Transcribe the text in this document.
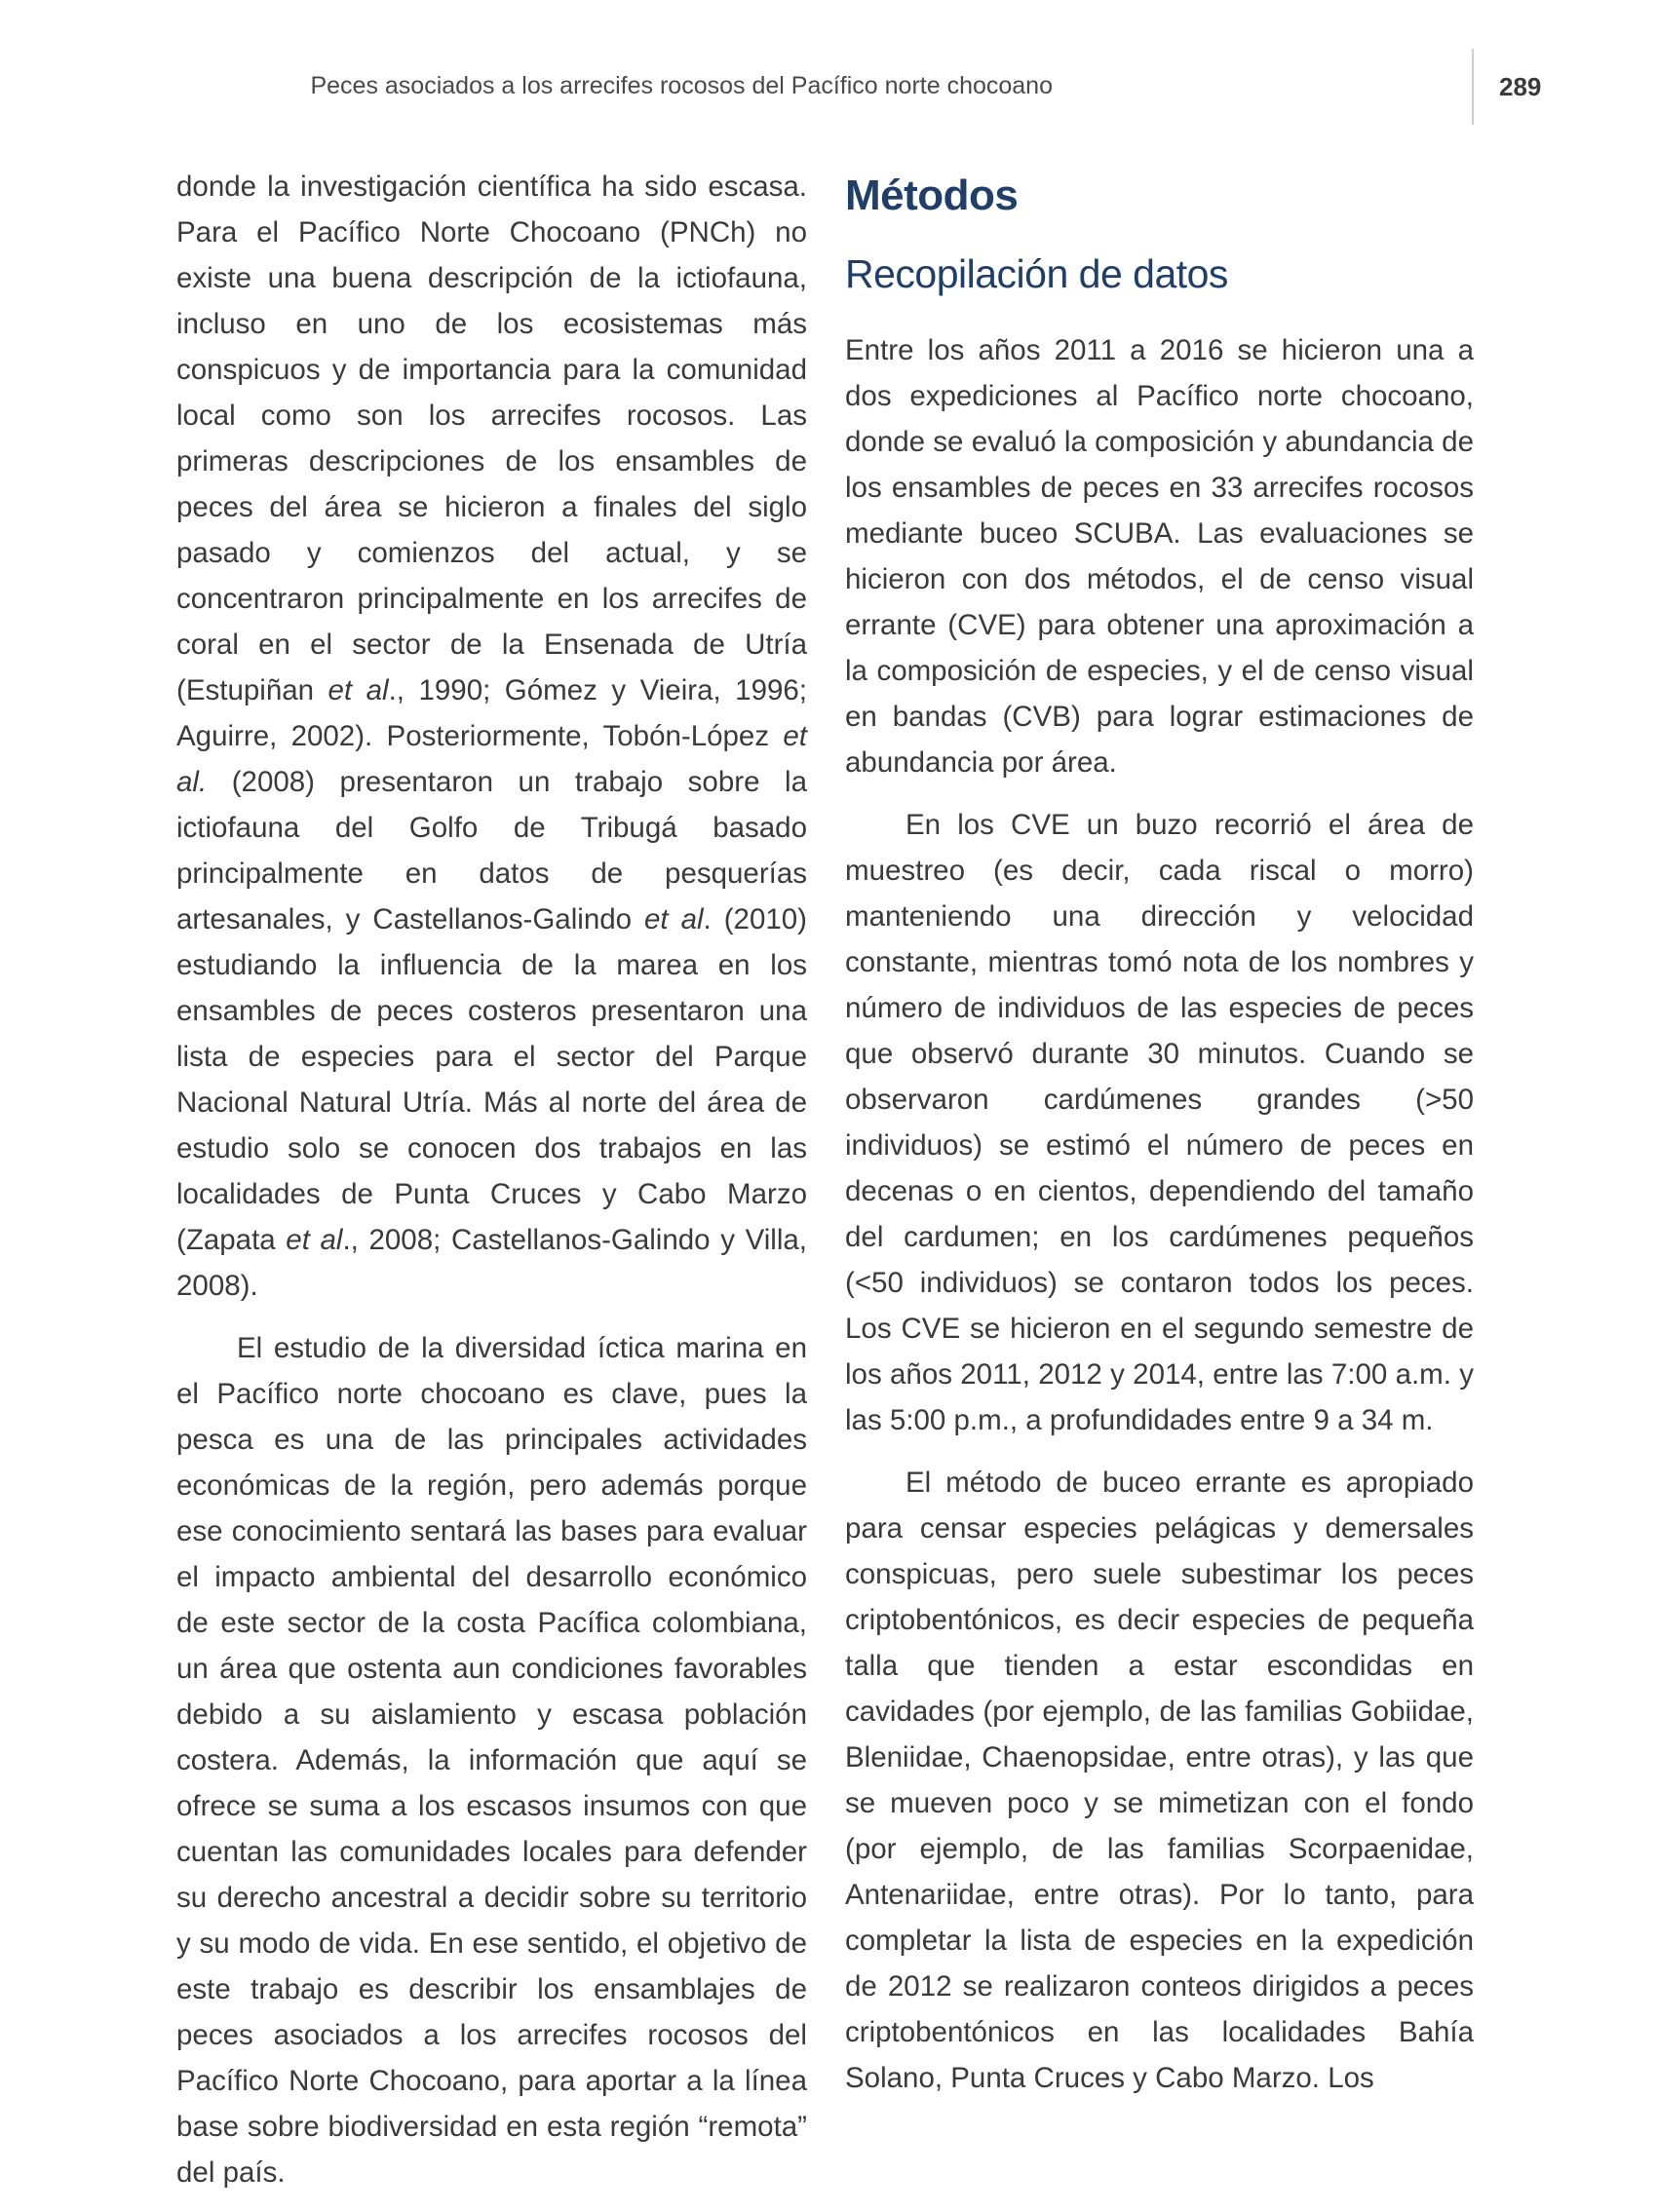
Peces asociados a los arrecifes rocosos del Pacífico norte chocoano	289

donde la investigación científica ha sido escasa. Para el Pacífico Norte Chocoano (PNCh) no existe una buena descripción de la ictiofauna, incluso en uno de los ecosistemas más conspicuos y de importancia para la comunidad local como son los arrecifes rocosos. Las primeras descripciones de los ensambles de peces del área se hicieron a finales del siglo pasado y comienzos del actual, y se concentraron principalmente en los arrecifes de coral en el sector de la Ensenada de Utría (Estupiñan et al., 1990; Gómez y Vieira, 1996; Aguirre, 2002). Posteriormente, Tobón-López et al. (2008) presentaron un trabajo sobre la ictiofauna del Golfo de Tribugá basado principalmente en datos de pesquerías artesanales, y Castellanos-Galindo et al. (2010) estudiando la influencia de la marea en los ensambles de peces costeros presentaron una lista de especies para el sector del Parque Nacional Natural Utría. Más al norte del área de estudio solo se conocen dos trabajos en las localidades de Punta Cruces y Cabo Marzo (Zapata et al., 2008; Castellanos-Galindo y Villa, 2008).

El estudio de la diversidad íctica marina en el Pacífico norte chocoano es clave, pues la pesca es una de las principales actividades económicas de la región, pero además porque ese conocimiento sentará las bases para evaluar el impacto ambiental del desarrollo económico de este sector de la costa Pacífica colombiana, un área que ostenta aun condiciones favorables debido a su aislamiento y escasa población costera. Además, la información que aquí se ofrece se suma a los escasos insumos con que cuentan las comunidades locales para defender su derecho ancestral a decidir sobre su territorio y su modo de vida. En ese sentido, el objetivo de este trabajo es describir los ensamblajes de peces asociados a los arrecifes rocosos del Pacífico Norte Chocoano, para aportar a la línea base sobre biodiversidad en esta región “remota” del país.

Métodos
Recopilación de datos

Entre los años 2011 a 2016 se hicieron una a dos expediciones al Pacífico norte chocoano, donde se evaluó la composición y abundancia de los ensambles de peces en 33 arrecifes rocosos mediante buceo SCUBA. Las evaluaciones se hicieron con dos métodos, el de censo visual errante (CVE) para obtener una aproximación a la composición de especies, y el de censo visual en bandas (CVB) para lograr estimaciones de abundancia por área.

En los CVE un buzo recorrió el área de muestreo (es decir, cada riscal o morro) manteniendo una dirección y velocidad constante, mientras tomó nota de los nombres y número de individuos de las especies de peces que observó durante 30 minutos. Cuando se observaron cardúmenes grandes (>50 individuos) se estimó el número de peces en decenas o en cientos, dependiendo del tamaño del cardumen; en los cardúmenes pequeños (<50 individuos) se contaron todos los peces. Los CVE se hicieron en el segundo semestre de los años 2011, 2012 y 2014, entre las 7:00 a.m. y las 5:00 p.m., a profundidades entre 9 a 34 m.

El método de buceo errante es apropiado para censar especies pelágicas y demersales conspicuas, pero suele subestimar los peces criptobentónicos, es decir especies de pequeña talla que tienden a estar escondidas en cavidades (por ejemplo, de las familias Gobiidae, Bleniidae, Chaenopsidae, entre otras), y las que se mueven poco y se mimetizan con el fondo (por ejemplo, de las familias Scorpaenidae, Antenariidae, entre otras). Por lo tanto, para completar la lista de especies en la expedición de 2012 se realizaron conteos dirigidos a peces criptobentónicos en las localidades Bahía Solano, Punta Cruces y Cabo Marzo. Los
